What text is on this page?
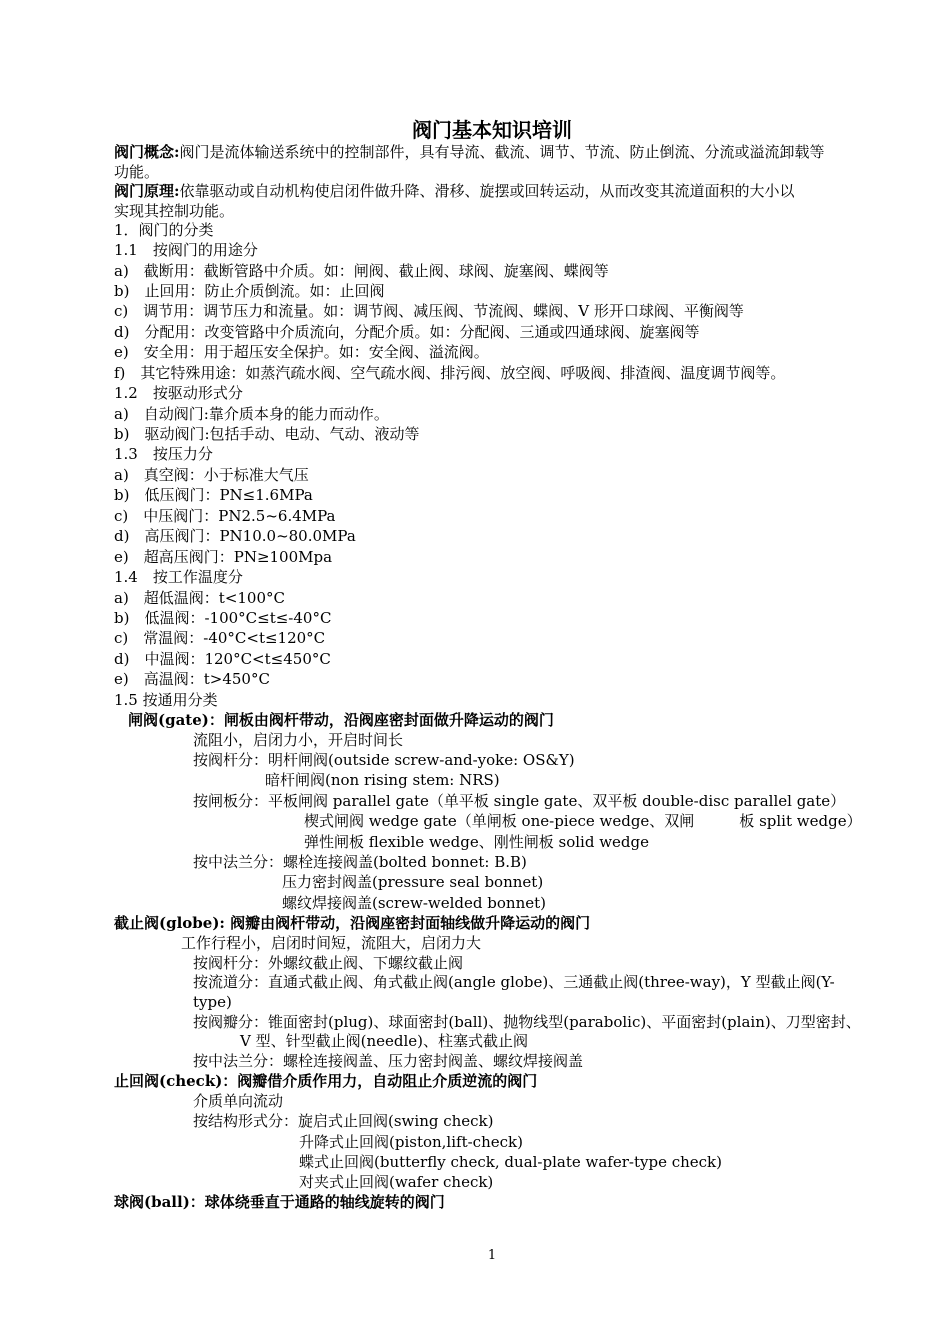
阀门基本知识培训
阀门概念:阀门是流体输送系统中的控制部件，具有导流、截流、调节、节流、防止倒流、分流或溢流卸载等
功能。
阀门原理:依靠驱动或自动机构使启闭件做升降、滑移、旋摆或回转运动，从而改变其流道面积的大小以
实现其控制功能。
1．阀门的分类
1.1　按阀门的用途分
a)　截断用：截断管路中介质。如：闸阀、截止阀、球阀、旋塞阀、蝶阀等
b)　止回用：防止介质倒流。如：止回阀
c)　调节用：调节压力和流量。如：调节阀、减压阀、节流阀、蝶阀、V 形开口球阀、平衡阀等
d)　分配用：改变管路中介质流向，分配介质。如：分配阀、三通或四通球阀、旋塞阀等
e)　安全用：用于超压安全保护。如：安全阀、溢流阀。
f)　其它特殊用途：如蒸汽疏水阀、空气疏水阀、排污阀、放空阀、呼吸阀、排渣阀、温度调节阀等。
1.2　按驱动形式分
a)　自动阀门:靠介质本身的能力而动作。
b)　驱动阀门:包括手动、电动、气动、液动等
1.3　按压力分
a)　真空阀：小于标准大气压
b)　低压阀门：PN≤1.6MPa
c)　中压阀门：PN2.5~6.4MPa
d)　高压阀门：PN10.0~80.0MPa
e)　超高压阀门：PN≥100Mpa
1.4　按工作温度分
a)　超低温阀：t<100°C
b)　低温阀：-100°C≤t≤-40°C
c)　常温阀：-40°C<t≤120°C
d)　中温阀：120°C<t≤450°C
e)　高温阀：t>450°C
1.5 按通用分类
闸阀(gate)：闸板由阀杆带动，沿阀座密封面做升降运动的阀门
流阻小，启闭力小，开启时间长
按阀杆分：明杆闸阀(outside screw-and-yoke: OS&Y)
暗杆闸阀(non rising stem: NRS)
按闸板分：平板闸阀 parallel gate（单平板 single gate、双平板 double-disc parallel gate）
楔式闸阀 wedge gate（单闸板 one-piece wedge、双闸　　　板 split wedge）
弹性闸板 flexible wedge、刚性闸板 solid wedge
按中法兰分：螺栓连接阀盖(bolted bonnet: B.B)
压力密封阀盖(pressure seal bonnet)
螺纹焊接阀盖(screw-welded bonnet)
截止阀(globe): 阀瓣由阀杆带动，沿阀座密封面轴线做升降运动的阀门
工作行程小，启闭时间短，流阻大，启闭力大
按阀杆分：外螺纹截止阀、下螺纹截止阀
按流道分：直通式截止阀、角式截止阀(angle globe)、三通截止阀(three-way)，Y 型截止阀(Y-
type)
按阀瓣分：锥面密封(plug)、球面密封(ball)、抛物线型(parabolic)、平面密封(plain)、刀型密封、
V 型、针型截止阀(needle)、柱塞式截止阀
按中法兰分：螺栓连接阀盖、压力密封阀盖、螺纹焊接阀盖
止回阀(check)：阀瓣借介质作用力，自动阻止介质逆流的阀门
介质单向流动
按结构形式分：旋启式止回阀(swing check)
升降式止回阀(piston,lift-check)
蝶式止回阀(butterfly check, dual-plate wafer-type check)
对夹式止回阀(wafer check)
球阀(ball)：球体绕垂直于通路的轴线旋转的阀门
1
